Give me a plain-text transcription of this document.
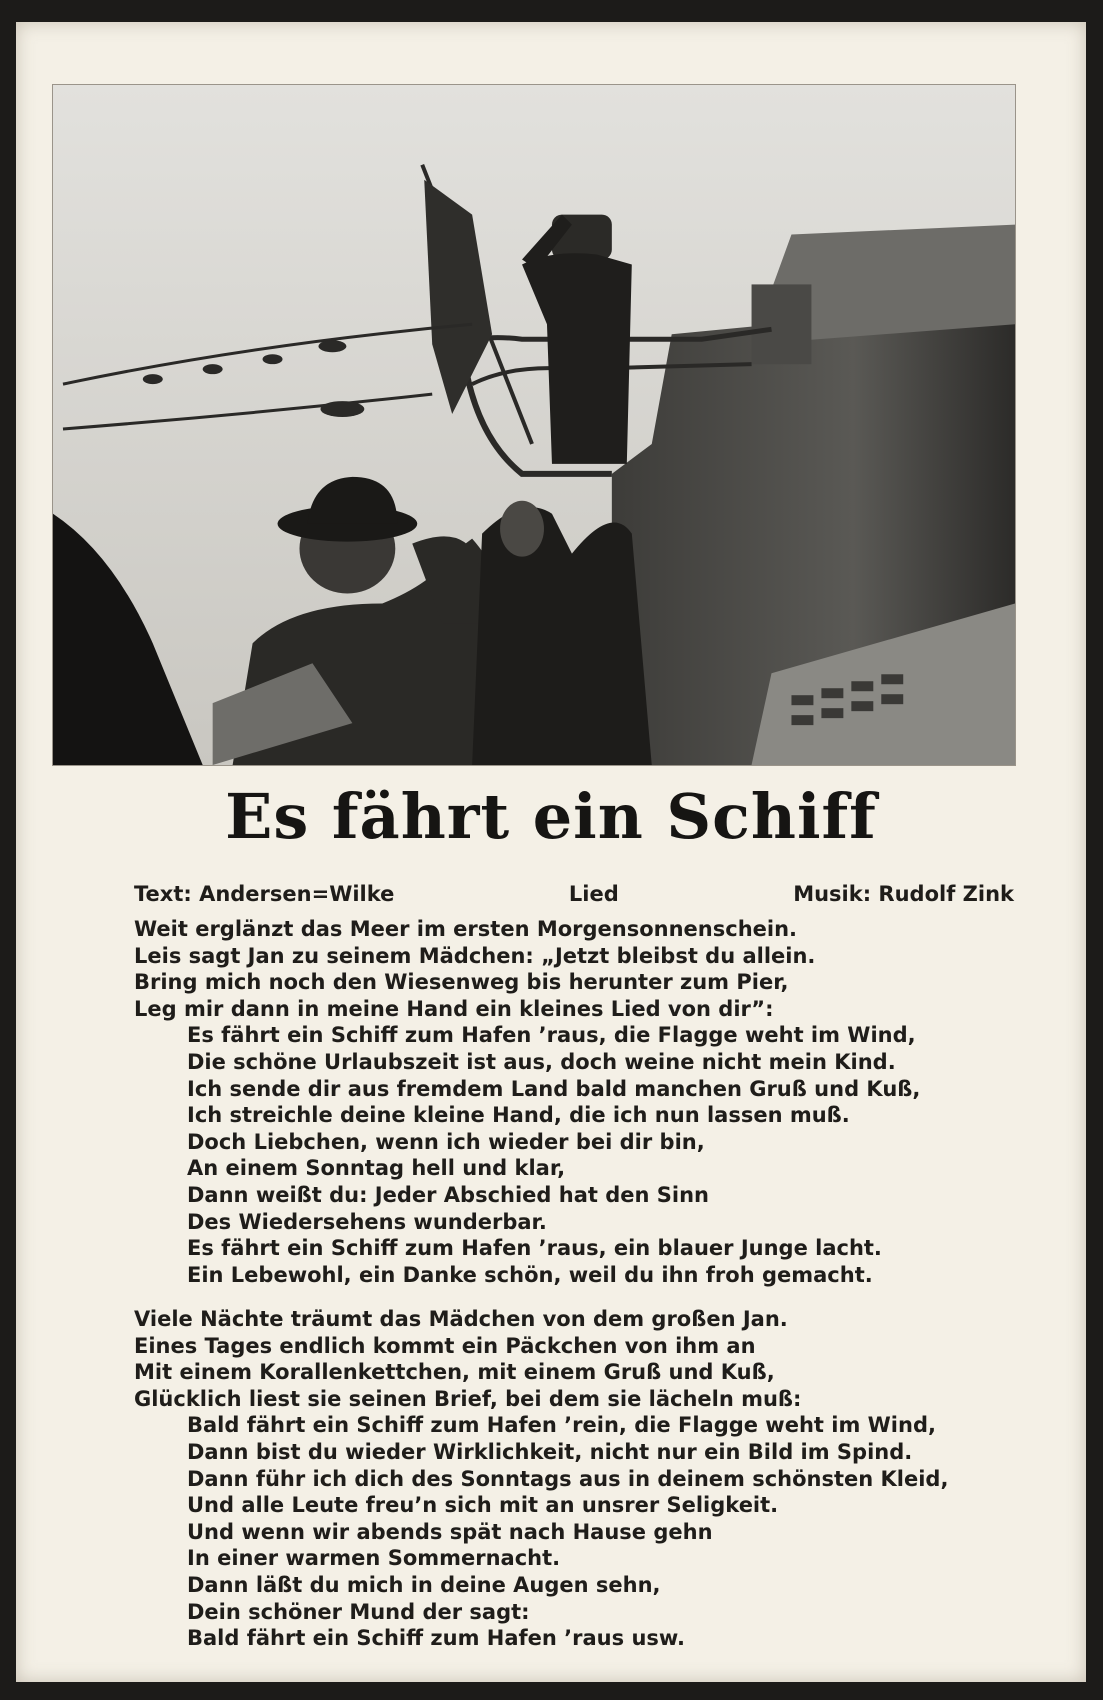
Es fährt ein Schiff
Text: Andersen=Wilke	Lied	Musik: Rudolf Zink
Weit erglänzt das Meer im ersten Morgensonnenschein.
Leis sagt Jan zu seinem Mädchen: „Jetzt bleibst du allein.
Bring mich noch den Wiesenweg bis herunter zum Pier,
Leg mir dann in meine Hand ein kleines Lied von dir”:
Es fährt ein Schiff zum Hafen ’raus, die Flagge weht im Wind,
Die schöne Urlaubszeit ist aus, doch weine nicht mein Kind.
Ich sende dir aus fremdem Land bald manchen Gruß und Kuß,
Ich streichle deine kleine Hand, die ich nun lassen muß.
Doch Liebchen, wenn ich wieder bei dir bin,
An einem Sonntag hell und klar,
Dann weißt du: Jeder Abschied hat den Sinn
Des Wiedersehens wunderbar.
Es fährt ein Schiff zum Hafen ’raus, ein blauer Junge lacht.
Ein Lebewohl, ein Danke schön, weil du ihn froh gemacht.
Viele Nächte träumt das Mädchen von dem großen Jan.
Eines Tages endlich kommt ein Päckchen von ihm an
Mit einem Korallenkettchen, mit einem Gruß und Kuß,
Glücklich liest sie seinen Brief, bei dem sie lächeln muß:
Bald fährt ein Schiff zum Hafen ’rein, die Flagge weht im Wind,
Dann bist du wieder Wirklichkeit, nicht nur ein Bild im Spind.
Dann führ ich dich des Sonntags aus in deinem schönsten Kleid,
Und alle Leute freu’n sich mit an unsrer Seligkeit.
Und wenn wir abends spät nach Hause gehn
In einer warmen Sommernacht.
Dann läßt du mich in deine Augen sehn,
Dein schöner Mund der sagt:
Bald fährt ein Schiff zum Hafen ’raus usw.
